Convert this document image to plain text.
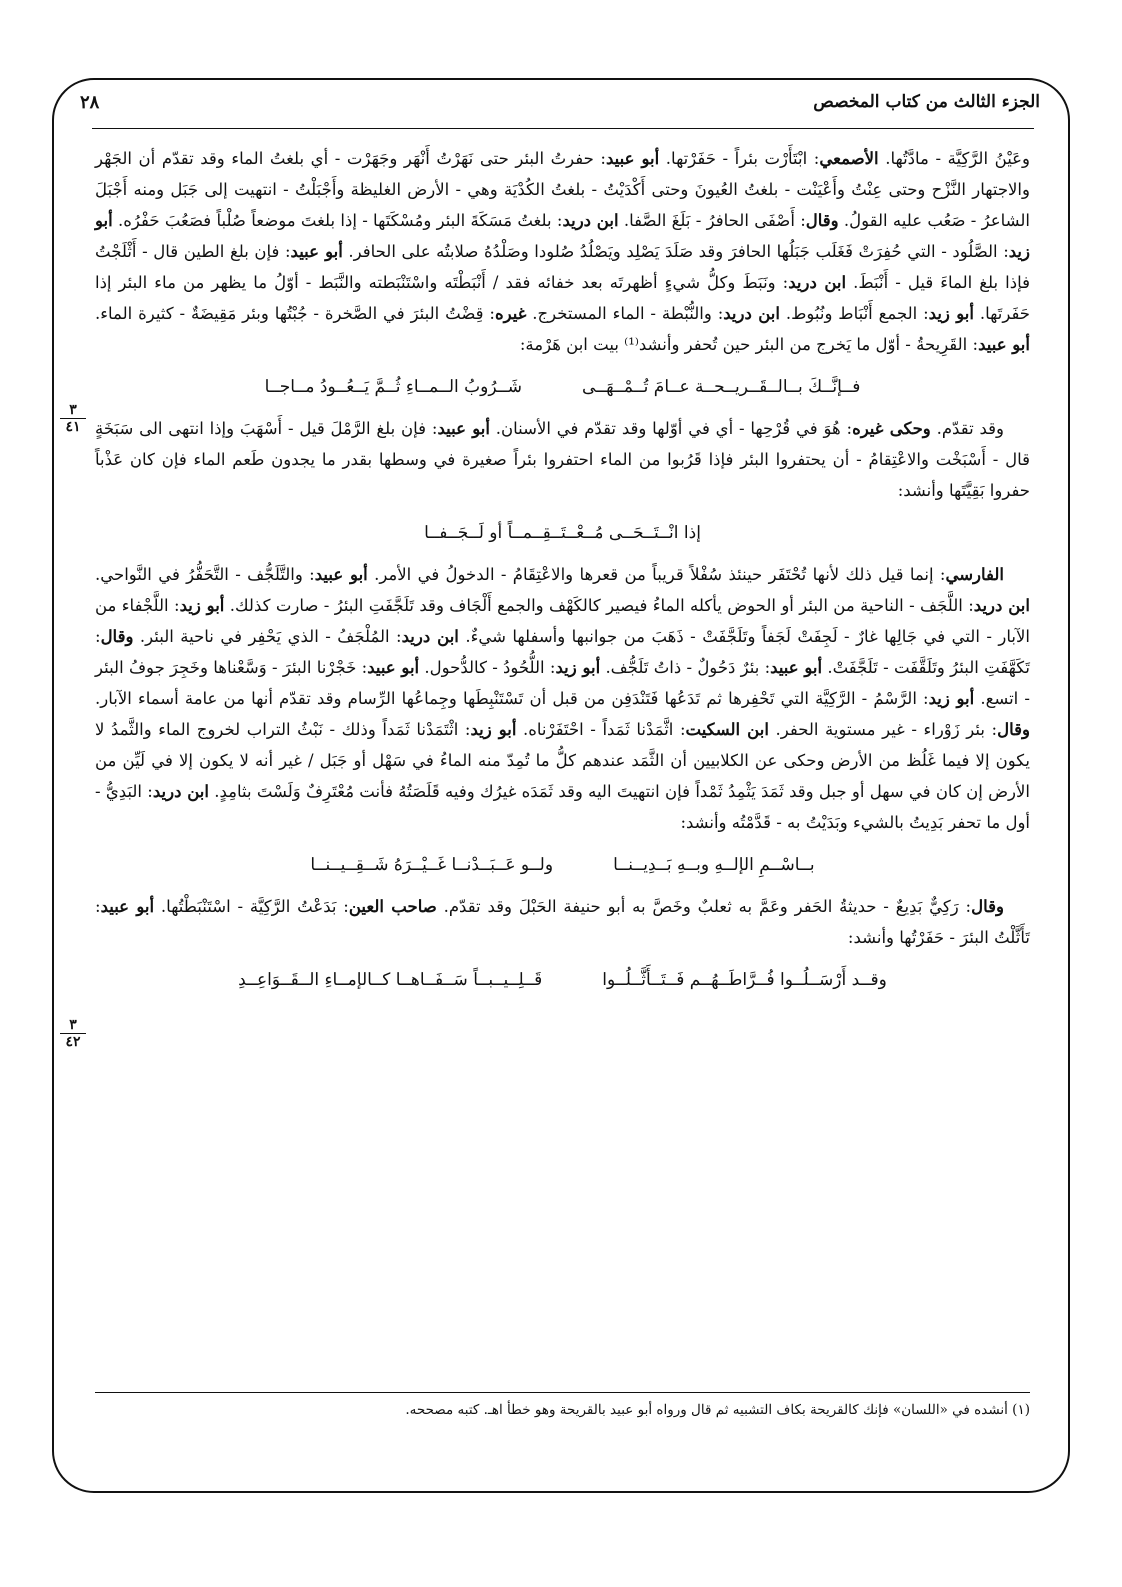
الجزء الثالث من كتاب المخصص
٢٨
٣
٤١
٣
٤٢

وعَيْنُ الرَّكِيَّة - مادَّتُها. الأصمعي: ابْتَأَرْت بئراً - حَفَرْتها. أبو عبيد: حفرتُ البئر حتى نَهَرْتُ أَنْهَر وجَهَرْت - أي بلغتُ الماء وقد تقدّم أن الجَهْر والاجتهار النَّزْح وحتى عِنْتُ وأَعْيَنْت - بلغتُ العُيونَ وحتى أَكْدَيْتُ - بلغتُ الكُدْيَة وهي - الأرض الغليظة وأَجْبَلْتُ - انتهيت إلى جَبَل ومنه أَجْبَلَ الشاعرُ - صَعُب عليه القولُ. وقال: أَصْفَى الحافرُ - بَلَغَ الصَّفا. ابن دريد: بلغتُ مَسَكَةَ البئر ومُسْكَتَها - إذا بلغتَ موضعاً صُلْباً فصَعُبَ حَفْرُه. أبو زيد: الصَّلُود - التي حُفِرَتْ فَغَلَب جَبَلُها الحافرَ وقد صَلَدَ يَصْلِد ويَصْلُدُ صُلودا وصَلْدُهُ صلابتُه على الحافر. أبو عبيد: فإن بلغ الطين قال - أَثْلَجْتُ فإذا بلغ الماءَ قيل - أَنْبَطَ. ابن دريد: ونَبَطَ وكلُّ شيءٍ أظهرتَه بعد خفائه فقد / أَنْبَطْتَه واسْتَنْبَطته والنَّبَط - أوّلُ ما يظهر من ماء البئر إذا حَفَرتَها. أبو زيد: الجمع أَنْبَاط ونُبُوط. ابن دريد: والنُّبْطة - الماء المستخرج. غيره: قِضْتُ البئرَ في الصَّخرة - جُبْتُها وبئر مَقِيضَةٌ - كثيرة الماء. أبو عبيد: القَرِيحةُ - أوّل ما يَخرج من البئر حين تُحفر وأنشد⁽¹⁾ بيت ابن هَرْمة:

فــإنَّــكَ بــالــقَــريــحــة عــامَ تُــمْــهَــى
شَــرُوبُ الــمــاءِ ثُــمَّ يَــعُــودُ مــاجــا

وقد تقدّم. وحكى غيره: هُوَ في قُرْحِها - أي في أوّلها وقد تقدّم في الأسنان. أبو عبيد: فإن بلغ الرَّمْلَ قيل - أَسْهَبَ وإذا انتهى الى سَبَخَةٍ قال - أَسْبَخْت والاعْتِقامُ - أن يحتفروا البئر فإذا قَرُبوا من الماء احتفروا بئراً صغيرة في وسطها بقدر ما يجدون طَعم الماء فإن كان عَذْباً حفروا بَقِيَّتَها وأنشد:

إذا انْــتَــحَــى مُــعْــتَــقِــمــاً أو لَــجَــفــا

الفارسي: إنما قيل ذلك لأنها تُحْتَفَر حينئذ سُفْلاً قريباً من قعرها والاعْتِقَامُ - الدخولُ في الأمر. أبو عبيد: والتَّلَجُّف - التَّحَفُّرُ في النَّواحي. ابن دريد: اللَّجَف - الناحية من البئر أو الحوض يأكله الماءُ فيصير كالكَهْف والجمع أَلْجَاف وقد تَلَجَّفَتِ البئرُ - صارت كذلك. أبو زيد: اللَّجْفاء من الآبار - التي في جَالِها غارٌ - لَجِفَتْ لَجَفاً وتَلَجَّفَتْ - ذَهَبَ من جوانبها وأسفلها شيءٌ. ابن دريد: المُلْجَفُ - الذي يَحْفِر في ناحية البئر. وقال: تَكَهَّفَتِ البئرُ وتَلَقَّفَت - تَلَجَّفَتْ. أبو عبيد: بئرٌ دَحُولٌ - ذاتُ تَلَجُّف. أبو زيد: اللُّحُودُ - كالدُّحول. أبو عبيد: خَجْرْنا البئرَ - وَسَّعْناها وخَجِرَ جوفُ البئر - اتسع. أبو زيد: الرَّسْمُ - الرَّكِيَّة التي تَحْفِرها ثم تَدَعُها فَتَنْدَفِن من قبل أن تَسْتَنْبِطَها وجِماعُها الرِّسام وقد تقدّم أنها من عامة أسماء الآبار. وقال: بئر زَوْراء - غير مستوية الحفر. ابن السكيت: اثَّمَدْنا ثَمَداً - احْتَفَرْناه. أبو زيد: اثْتَمَدْنا ثَمَداً وذلك - نَبْثُ التراب لخروج الماء والثَّمدُ لا يكون إلا فيما غَلُظ من الأرض وحكى عن الكلابيين أن الثَّمَد عندهم كلُّ ما تُمِدّ منه الماءُ في سَهْل أو جَبَل / غير أنه لا يكون إلا في لَيِّن من الأرض إن كان في سهل أو جبل وقد ثَمَدَ يَثْمِدُ ثَمْداً فإن انتهيتَ اليه وقد ثَمَدَه غيرُك وفيه قَلَصَتُهُ فأنت مُعْتَرِفٌ وَلَسْتَ بثامِدٍ. ابن دريد: البَدِيُّ - أول ما تحفر بَدِيتُ بالشيء وبَدَيْتُ به - قَدَّمْتُه وأنشد:

بــاسْــمِ الإلــهِ وبــهِ بَــدِيــنــا
ولــو عَــبَــدْنــا غَــيْــرَهُ شَــقِــيــنــا

وقال: رَكِيٌّ بَدِيعٌ - حديثةُ الحَفر وعَمَّ به ثعلبٌ وخَصَّ به أبو حنيفة الحَبْلَ وقد تقدّم. صاحب العين: بَدَعْتُ الرَّكِيَّة - اسْتَنْبَطْتُها. أبو عبيد: تَأَثَّلْتُ البئرَ - حَفَرْتُها وأنشد:

وقــد أَرْسَــلُــوا فُــرَّاطَــهُــم فَــتَــأَثَّــلُــوا
قَــلِــيــبــاً سَــفَــاهــا كــالإمــاءِ الــقَــوَاعِــدِ
(١) أنشده في «اللسان» فإنك كالقريحة بكاف التشبيه ثم قال ورواه أبو عبيد بالقريحة وهو خطأ اهـ. كتبه مصححه.
